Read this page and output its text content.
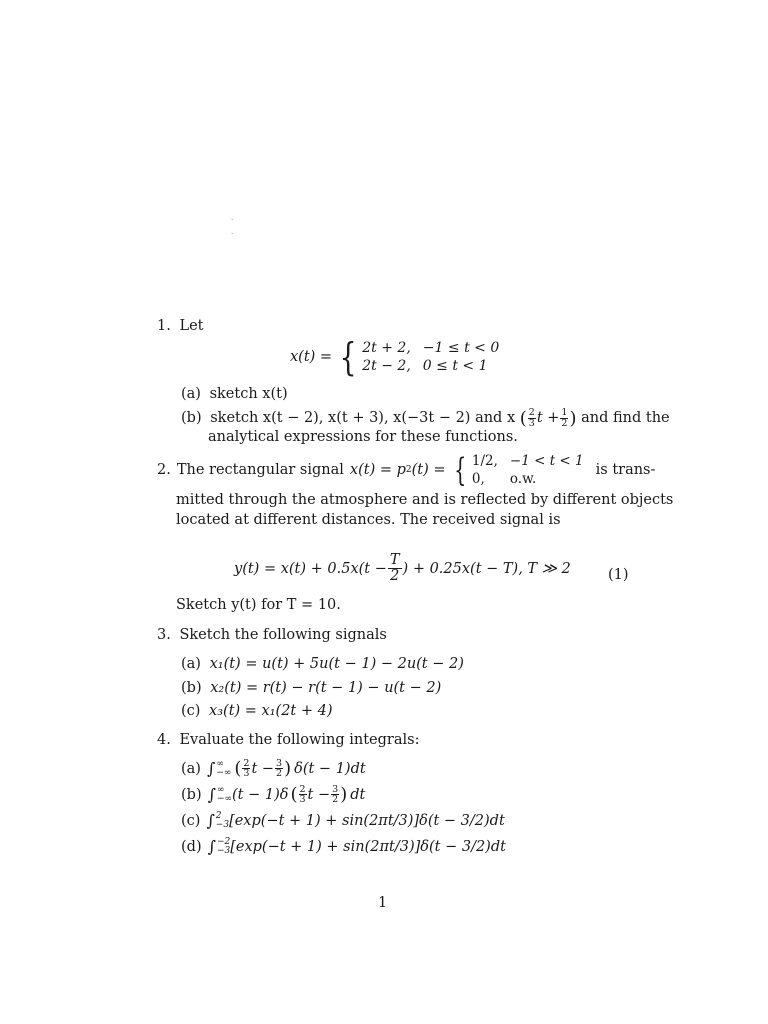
·
·
1. Let
x(t) = { 2t + 2, −1 ≤ t < 0
2t − 2, 0 ≤ t < 1
(a) sketch x(t)
(b) sketch x(t − 2), x(t + 3), x(−3t − 2) and x ( $\frac{2}{3}$ $t + \frac{1}{2}$ ) and find the
analytical expressions for these functions.
2. The rectangular signal x(t) = p 2 (t) = { 1/2, −1 < t < 1
0,	o.w.
is trans-
mitted through the atmosphere and is reflected by different objects
located at different distances. The received signal is
$y(t) = x(t) + 0.5x(t - \frac{T}{2}$ ) + 0.25x(t − T), T ≫ 2	(1)
Sketch y(t) for T = 10.
3. Sketch the following signals
(a) x₁(t) = u(t) + 5u(t − 1) − 2u(t − 2)
(b) x₂(t) = r(t) − r(t − 1) − u(t − 2)
(c) x₃(t) = x₁(2t + 4)
4. Evaluate the following integrals:
(a) ∫ ∞
−∞ ( $\frac{2}{3}$ $t - \frac{3}{2}$ ) δ(t − 1)dt
(b) ∫ ∞
−∞ (t − 1)δ ( $\frac{2}{3}$ $t - \frac{3}{2}$ ) dt
(c) ∫ 2
−3 [exp(−t + 1) + sin(2πt/3)]δ(t − 3/2)dt
(d) ∫ −2
−3 [exp(−t + 1) + sin(2πt/3)]δ(t − 3/2)dt
1
